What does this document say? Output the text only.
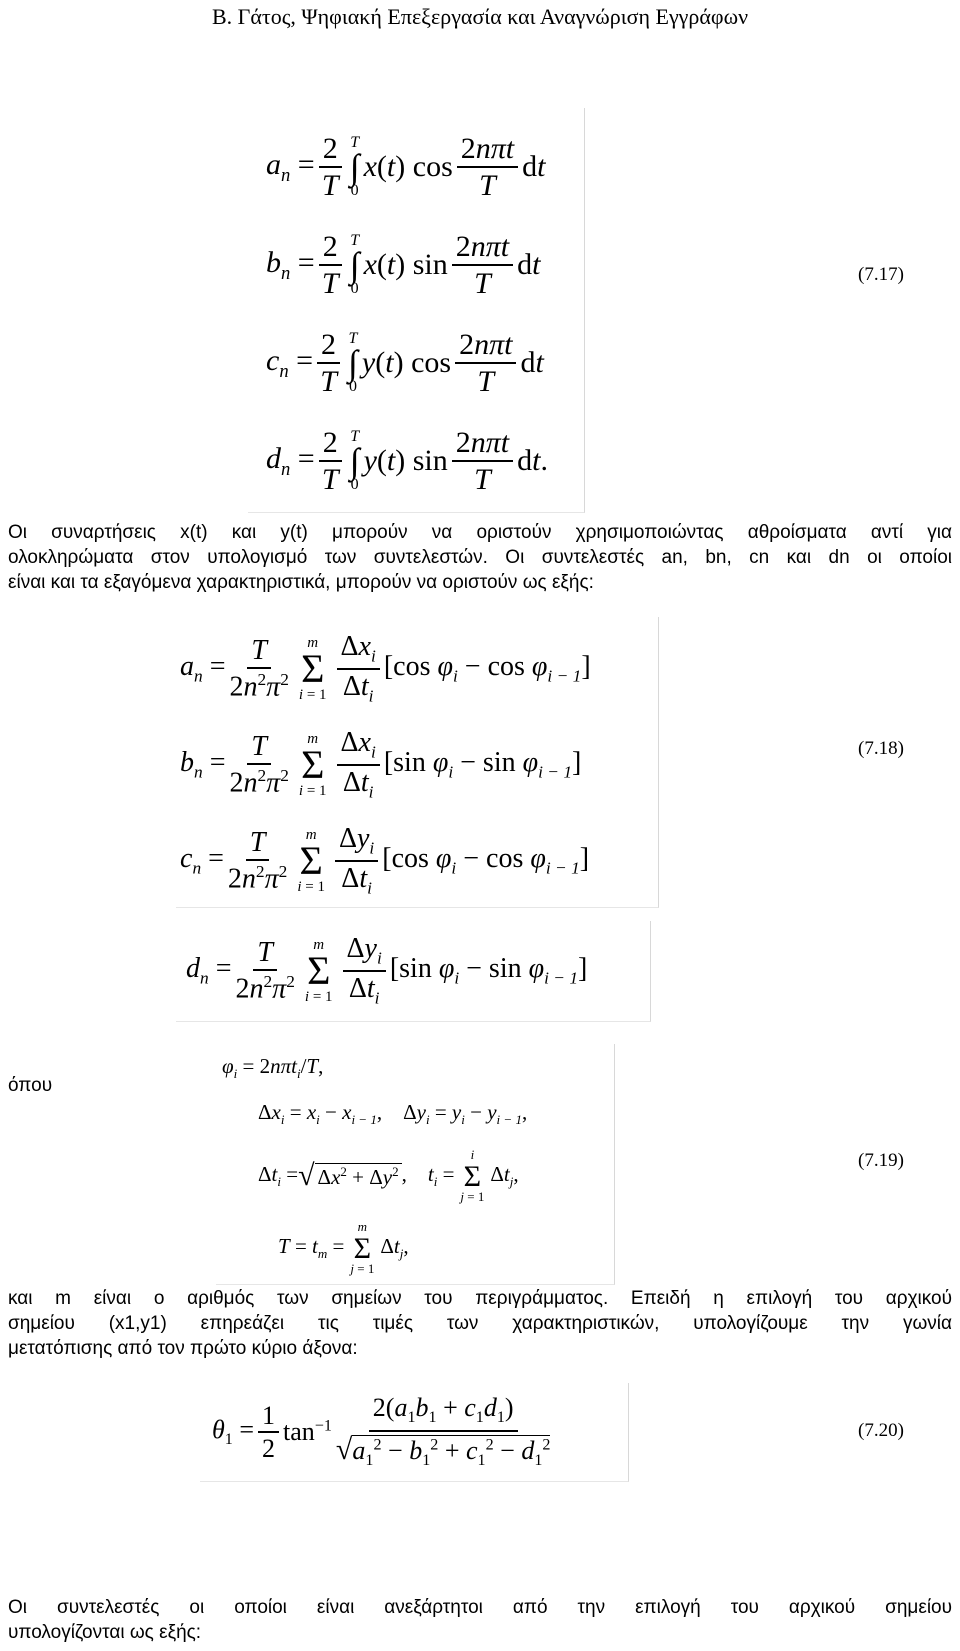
Β. Γάτος, Ψηφιακή Επεξεργασία και Αναγνώριση Εγγράφων
$a_n = \frac{2}{T}$ T
∫
0
x(t) $\cos \frac{\text{2nπt}}{T}$ dt
$b_n = \frac{2}{T}$ T
∫
0
x(t) $\sin \frac{\text{2nπt}}{T}$ dt
$c_n = \frac{2}{T}$ T
∫
0
y(t) $\cos \frac{\text{2nπt}}{T}$ dt
$d_n = \frac{2}{T}$ T
∫
0
y(t) $\sin \frac{\text{2nπt}}{T}$ dt.
(7.17)
Οι συναρτήσεις x(t) και y(t) μπορούν να οριστούν χρησιμοποιώντας αθροίσματα αντί για
ολοκληρώματα στον υπολογισμό των συντελεστών. Οι συντελεστές an, bn, cn και dn οι οποίοι
είναι και τα εξαγόμενα χαρακτηριστικά, μπορούν να οριστούν ως εξής:
$a_n = \frac{T}{2n^2\pi^2}$ m
Σ
$i = 1 \frac{\Delta x_i}{\Delta t_i} [\cos$ $\varphi_i - \cos \varphi_{i - 1}$]
$b_n = \frac{T}{2n^2\pi^2}$ m
Σ
$i = 1 \frac{\Delta x_i}{\Delta t_i} [\sin$ $\varphi_i - \sin \varphi_{i - 1}$]
$c_n = \frac{T}{2n^2\pi^2}$ m
Σ
$i = 1 \frac{\Delta y_i}{\Delta t_i} [\cos$ $\varphi_i - \cos \varphi_{i - 1}$]
(7.18)
$d_n = \frac{T}{2n^2\pi^2}$ m
Σ
$i = 1 \frac{\Delta y_i}{\Delta t_i} [\sin$ $\varphi_i - \sin \varphi_{i - 1}$]
όπου
$\varphi_i = 2n\pi t_i/T$,
$\Delta x_i = x_i - x_{i - 1}$,    $\Delta y_i = y_i - y_{i - 1}$,
$\Delta t_i$ = √ $\Delta x^2 + \Delta y^2$ ,    $t_i$ =
i
Σ
j = 1
$\Delta t_j$,
$T = t_m$ =
m
Σ
j = 1
$\Delta t_j$,
(7.19)
και m είναι ο αριθμός των σημείων του περιγράμματος. Επειδή η επιλογή του αρχικού
σημείου (x1,y1) επηρεάζει τις τιμές των χαρακτηριστικών, υπολογίζουμε την γωνία
μετατόπισης από τον πρώτο κύριο άξονα:
$\theta_1 = \frac{1}{2} \tan^{-1} \frac{2(a_1b_1 + c_1d_1)}{√a_1^2 - b_1^2 + c_1^2 - d_1^2}$	(7.20)
Οι συντελεστές οι οποίοι είναι ανεξάρτητοι από την επιλογή του αρχικού σημείου
υπολογίζονται ως εξής:
